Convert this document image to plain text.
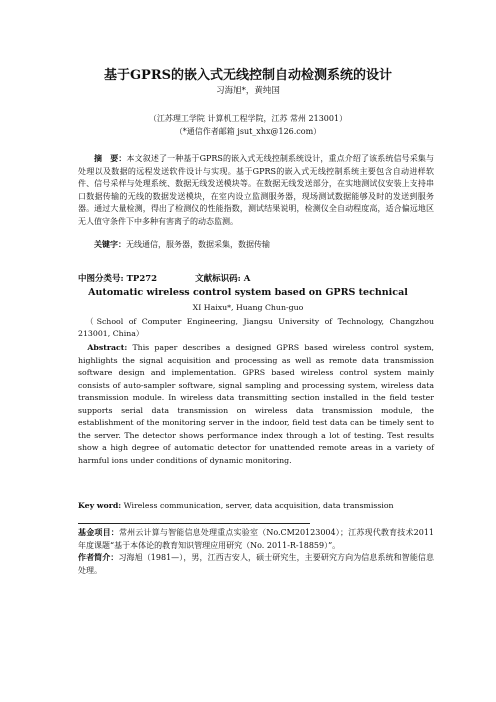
基于GPRS的嵌入式无线控制自动检测系统的设计
习海旭*，黄纯国
（江苏理工学院 计算机工程学院，江苏 常州 213001）
（*通信作者邮箱 jsut_xhx@126.com）
摘　要：本文叙述了一种基于GPRS的嵌入式无线控制系统设计，重点介绍了该系统信号采集与处理以及数据的远程发送软件设计与实现。基于GPRS的嵌入式无线控制系统主要包含自动进样软件、信号采样与处理系统、数据无线发送模块等。在数据无线发送部分，在实地测试仪安装上支持串口数据传输的无线的数据发送模块，在室内设立监测服务器，现场测试数据能够及时的发送到服务器。通过大量检测，得出了检测仪的性能指数，测试结果说明，检测仪全自动程度高，适合偏远地区无人值守条件下中多种有害离子的动态监测。
关键字：无线通信，服务器，数据采集，数据传输
中图分类号: TP272	文献标识码: A
Automatic wireless control system based on GPRS technical
XI Haixu*, Huang Chun-guo
（School of Computer Engineering, Jiangsu University of Technology, Changzhou 213001, China）
Abstract: This paper describes a designed GPRS based wireless control system, highlights the signal acquisition and processing as well as remote data transmission software design and implementation. GPRS based wireless control system mainly consists of auto-sampler software, signal sampling and processing system, wireless data transmission module. In wireless data transmitting section installed in the field tester supports serial data transmission on wireless data transmission module, the establishment of the monitoring server in the indoor, field test data can be timely sent to the server. The detector shows performance index through a lot of testing. Test results show a high degree of automatic detector for unattended remote areas in a variety of harmful ions under conditions of dynamic monitoring.
Key word: Wireless communication, server, data acquisition, data transmission
基金项目：常州云计算与智能信息处理重点实验室（No.CM20123004）；江苏现代教育技术2011年度课题“基于本体论的教育知识管理应用研究（No. 2011-R-18859）”。
作者简介：习海旭（1981—），男，江西吉安人，硕士研究生，主要研究方向为信息系统和智能信息处理。
